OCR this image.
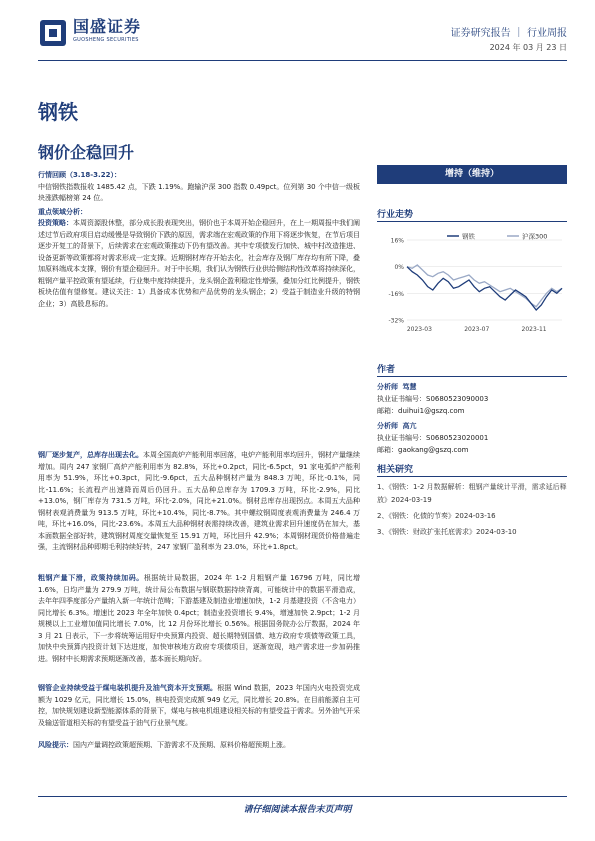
国盛证券
GUOSHENG SECURITIES
证券研究报告 ｜ 行业周报
2024 年 03 月 23 日
钢铁
钢价企稳回升
行情回顾（3.18-3.22）：
中信钢铁指数报收 1485.42 点，下跌 1.19%。跑输沪深 300 指数 0.49pct。位列第 30 个中信一级板块涨跌幅榜第 24 位。
重点领域分析：
投资策略：本周资源股休整，部分成长股表现突出，钢价也于本周开始企稳回升，在上一期周报中我们阐述过节后政府项目启动缓慢是导致钢价下跌的原因，需求端在宏观政策的作用下将逐步恢复，在节后项目逐步开复工的背景下，后续需求在宏观政策推动下仍有望改善。其中专项债发行加快、城中村改造推进、设备更新等政策都将对需求形成一定支撑。近期钢材库存开始去化，社会库存及钢厂库存均有所下降，叠加原料端成本支撑，钢价有望企稳回升。对于中长期，我们认为钢铁行业供给侧结构性改革将持续深化，粗钢产量平控政策有望延续，行业集中度持续提升，龙头钢企盈利稳定性增强，叠加分红比例提升，钢铁板块估值有望修复。建议关注：1）具备成本优势和产品优势的龙头钢企；2）受益于制造业升级的特钢企业；3）高股息标的。
钢厂逐步复产，总库存出现去化。本周全国高炉产能利用率回落，电炉产能利用率均回升，钢材产量继续增加。周内 247 家钢厂高炉产能利用率为 82.8%，环比+0.2pct，同比-6.5pct，91 家电弧炉产能利用率为 51.9%，环比+0.3pct，同比-9.6pct，五大品种钢材产量为 848.3 万吨，环比-0.1%，同比-11.6%；长流程产出速降而周后仍回升。五大品种总库存为 1709.3 万吨，环比-2.9%，同比+13.0%，钢厂库存为 731.5 万吨，环比-2.0%，同比+21.0%。钢材总库存出现拐点。本周五大品种钢材表观消费量为 913.5 万吨，环比+10.4%，同比-8.7%。其中螺纹钢周度表观消费量为 246.4 万吨，环比+16.0%，同比-23.6%。本周五大品种钢材表需持续改善，建筑业需求回升速度仍在加大，基本面数据全部好转，建筑钢材周度交量恢复至 15.91 万吨，环比回升 42.9%；本周钢材现货价格普遍走强，主流钢材品种即期毛利持续好转，247 家钢厂盈利率为 23.0%，环比+1.8pct。
粗钢产量下滑，政策持续加码。根据统计局数据，2024 年 1-2 月粗钢产量 16796 万吨，同比增 1.6%，日均产量为 279.9 万吨，统计局公布数据与钢联数据持续背离，可能统计中的数据平滑造成，去年年四季度部分产量纳入新一年统计范畴；下游基建及制造业增速加快，1-2 月基建投资（不含电力）同比增长 6.3%。增速比 2023 年全年加快 0.4pct；制造业投资增长 9.4%，增速加快 2.9pct；1-2 月规模以上工业增加值同比增长 7.0%，比 12 月份环比增长 0.56%。根据国务院办公厅数据，2024 年 3 月 21 日表示，下一步将统筹运用好中央预算内投资、超长期特别国债、地方政府专项债等政策工具，加快中央预算内投资计划下达进度，加快审核地方政府专项债项目，逐渐宽现，地产需求进一步加码推进。钢材中长期需求预期逐渐改善，基本面长期向好。
钢管企业持续受益于煤电装机提升及油气资本开支预期。根据 Wind 数据，2023 年国内火电投资完成额为 1029 亿元，同比增长 15.0%，核电投资完成额 949 亿元，同比增长 20.8%。在目前能源自主可控，加快规划建设新型能源体系的背景下，煤电与核电机组建设相关标的有望受益于需求。另外油气开采及输送管道相关标的有望受益于油气行业景气度。
风险提示：国内产量调控政策超预期、下游需求不及预期、原料价格超预期上涨。
增持（维持）
行业走势
16%
0%
-16%
-32%
2023-03	2023-07	2023-11
钢铁	沪深300
作者
分析师 笃慧
执业证书编号：S0680523090003
邮箱：duihui1@gszq.com
分析师 高亢
执业证书编号：S0680523020001
邮箱：gaokang@gszq.com
相关研究
1、《钢铁：1-2 月数据解析：粗钢产量统计平滑，需求延后释放》2024-03-19
2、《钢铁：化债的节奏》2024-03-16
3、《钢铁：财政扩张托底需求》2024-03-10
请仔细阅读本报告末页声明
